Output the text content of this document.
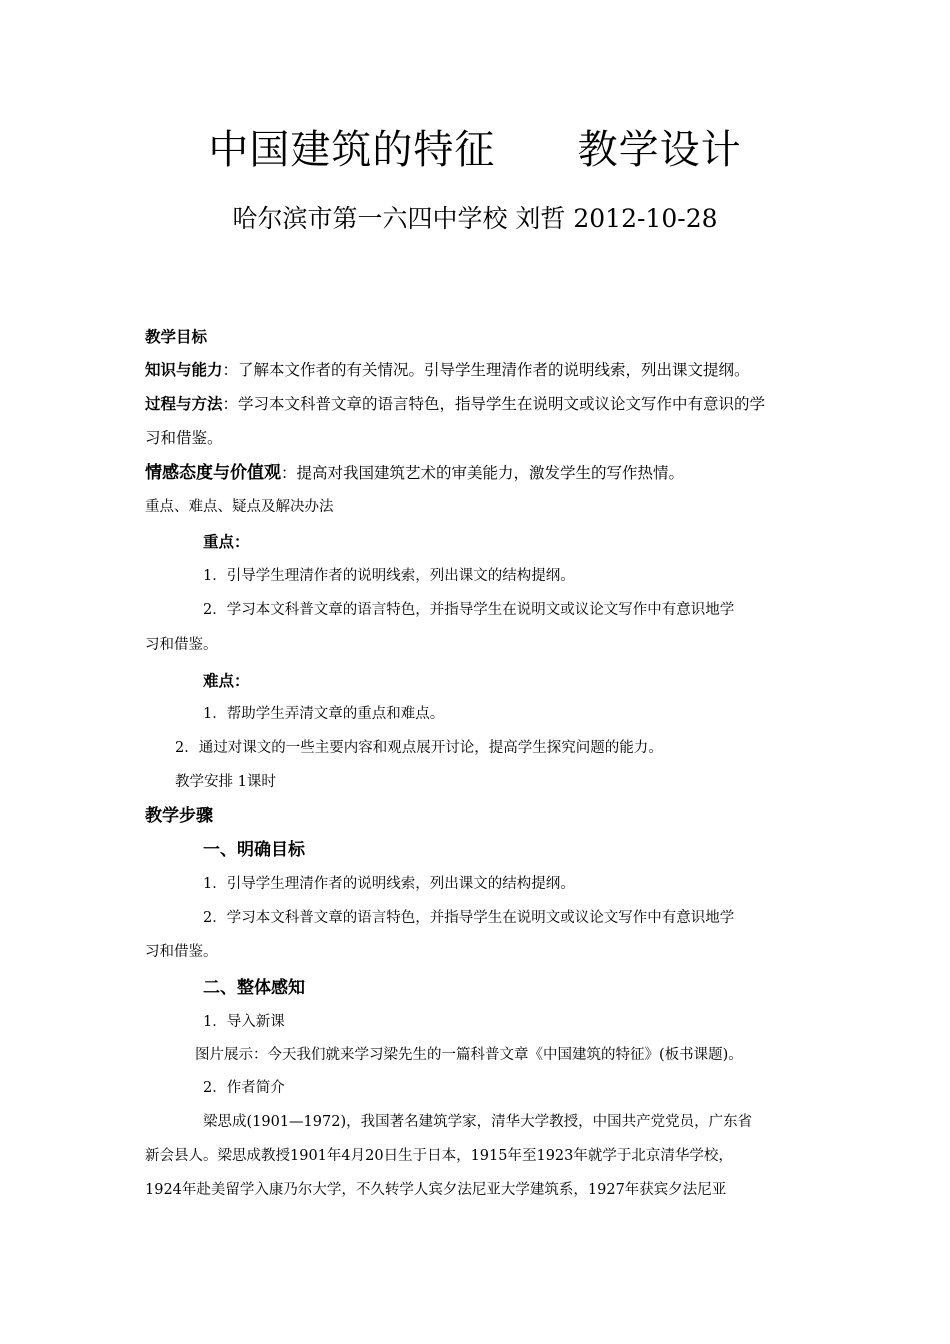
中国建筑的特征      教学设计
哈尔滨市第一六四中学校 刘哲 2012-10-28
教学目标
知识与能力：了解本文作者的有关情况。引导学生理清作者的说明线索，列出课文提纲。
过程与方法：学习本文科普文章的语言特色，指导学生在说明文或议论文写作中有意识的学
习和借鉴。
情感态度与价值观：提高对我国建筑艺术的审美能力，激发学生的写作热情。
重点、难点、疑点及解决办法
重点：
1．引导学生理清作者的说明线索，列出课文的结构提纲。
2．学习本文科普文章的语言特色，并指导学生在说明文或议论文写作中有意识地学
习和借鉴。
难点：
1．帮助学生弄清文章的重点和难点。
2．通过对课文的一些主要内容和观点展开讨论，提高学生探究问题的能力。
教学安排 1课时
教学步骤
一、明确目标
1．引导学生理清作者的说明线索，列出课文的结构提纲。
2．学习本文科普文章的语言特色，并指导学生在说明文或议论文写作中有意识地学
习和借鉴。
二、整体感知
1．导入新课
图片展示：今天我们就来学习梁先生的一篇科普文章《中国建筑的特征》(板书课题)。
2．作者简介
梁思成(1901—1972)，我国著名建筑学家，清华大学教授，中国共产党党员，广东省
新会县人。梁思成教授1901年4月20日生于日本，1915年至1923年就学于北京清华学校，
1924年赴美留学入康乃尔大学，不久转学人宾夕法尼亚大学建筑系，1927年获宾夕法尼亚
